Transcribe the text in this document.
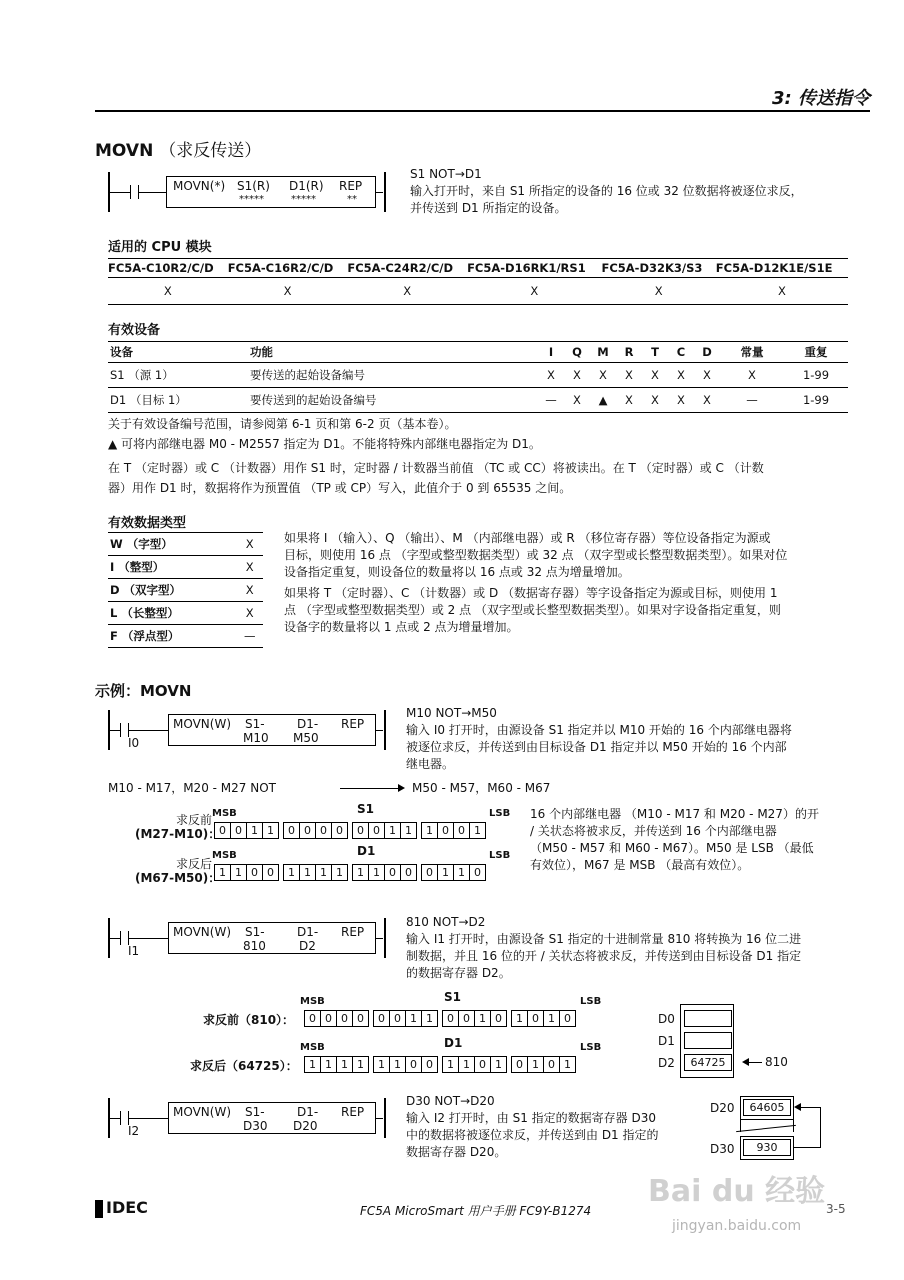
3: 传送指令
MOVN （求反传送）
MOVN(*) S1(R) D1(R) REP
*****	*****	**

S1 NOT→D1

输入打开时，来自 S1 所指定的设备的 16 位或 32 位数据将被逐位求反，

并传送到 D1 所指定的设备。

适用的 CPU 模块
FC5A-C10R2/C/D	FC5A-C16R2/C/D	FC5A-C24R2/C/D	FC5A-D16RK1/RS1	FC5A-D32K3/S3	FC5A-D12K1E/S1E
X	X	X	X	X	X
有效设备
设备	功能	I	Q	M	R	T	C	D	常量	重复
S1 （源 1）	要传送的起始设备编号	X	X	X	X	X	X	X	X	1-99
D1 （目标 1）	要传送到的起始设备编号	—	X	▲	X	X	X	X	—	1-99

关于有效设备编号范围，请参阅第 6-1 页和第 6-2 页（基本卷）。

▲ 可将内部继电器 M0 - M2557 指定为 D1。不能将特殊内部继电器指定为 D1。

在 T （定时器）或 C （计数器）用作 S1 时，定时器 / 计数器当前值 （TC 或 CC）将被读出。在 T （定时器）或 C （计数

器）用作 D1 时，数据将作为预置值 （TP 或 CP）写入，此值介于 0 到 65535 之间。

有效数据类型
W （字型）	X
I （整型）	X
D （双字型）	X
L （长整型）	X
F （浮点型）	—

如果将 I （输入）、Q （输出）、M （内部继电器）或 R （移位寄存器）等位设备指定为源或

目标，则使用 16 点 （字型或整型数据类型）或 32 点 （双字型或长整型数据类型）。如果对位

设备指定重复，则设备位的数量将以 16 点或 32 点为增量增加。

如果将 T （定时器）、C （计数器）或 D （数据寄存器）等字设备指定为源或目标，则使用 1

点 （字型或整型数据类型）或 2 点 （双字型或长整型数据类型）。如果对字设备指定重复，则

设备字的数量将以 1 点或 2 点为增量增加。

示例：MOVN
MOVN(W) S1-	D1- REP
M10 M50
I0

M10 NOT→M50

输入 I0 打开时，由源设备 S1 指定并以 M10 开始的 16 个内部继电器将

被逐位求反，并传送到由目标设备 D1 指定并以 M50 开始的 16 个内部

继电器。

M10 - M17，M20 - M27 NOT	M50 - M57，M60 - M67
MSB	S1	LSB
求反前
(M27-M10)：
0 0 1 1 0 0 0 0 0 0 1 1 1 0 0 1
MSB	D1	LSB
求反后
(M67-M50)：
1 1 0 0 1 1 1 1 1 1 0 0 0 1 1 0

16 个内部继电器 （M10 - M17 和 M20 - M27）的开

/ 关状态将被求反，并传送到 16 个内部继电器

（M50 - M57 和 M60 - M67）。M50 是 LSB （最低

有效位），M67 是 MSB （最高有效位）。

MOVN(W) S1-	D1- REP
810	D2
I1

810 NOT→D2

输入 I1 打开时，由源设备 S1 指定的十进制常量 810 将转换为 16 位二进

制数据，并且 16 位的开 / 关状态将被求反，并传送到由目标设备 D1 指定

的数据寄存器 D2。

MSB	S1	LSB
求反前（810）：	0 0 0 0 0 0 1 1 0 0 1 0 1 0 1 0
MSB	D1	LSB
求反后（64725）：	1 1 1 1 1 1 0 0 1 1 0 1 0 1 0 1
D0
D1
D2	64725	810
MOVN(W) S1-	D1- REP
D30 D20
I2

D30 NOT→D20

输入 I2 打开时，由 S1 指定的数据寄存器 D30

中的数据将被逐位求反，并传送到由 D1 指定的

数据寄存器 D20。

D20	64605
D30	930
IDEC	FC5A MicroSmart 用户手册 FC9Y-B1274	3-5
Bai du 经验
jingyan.baidu.com
